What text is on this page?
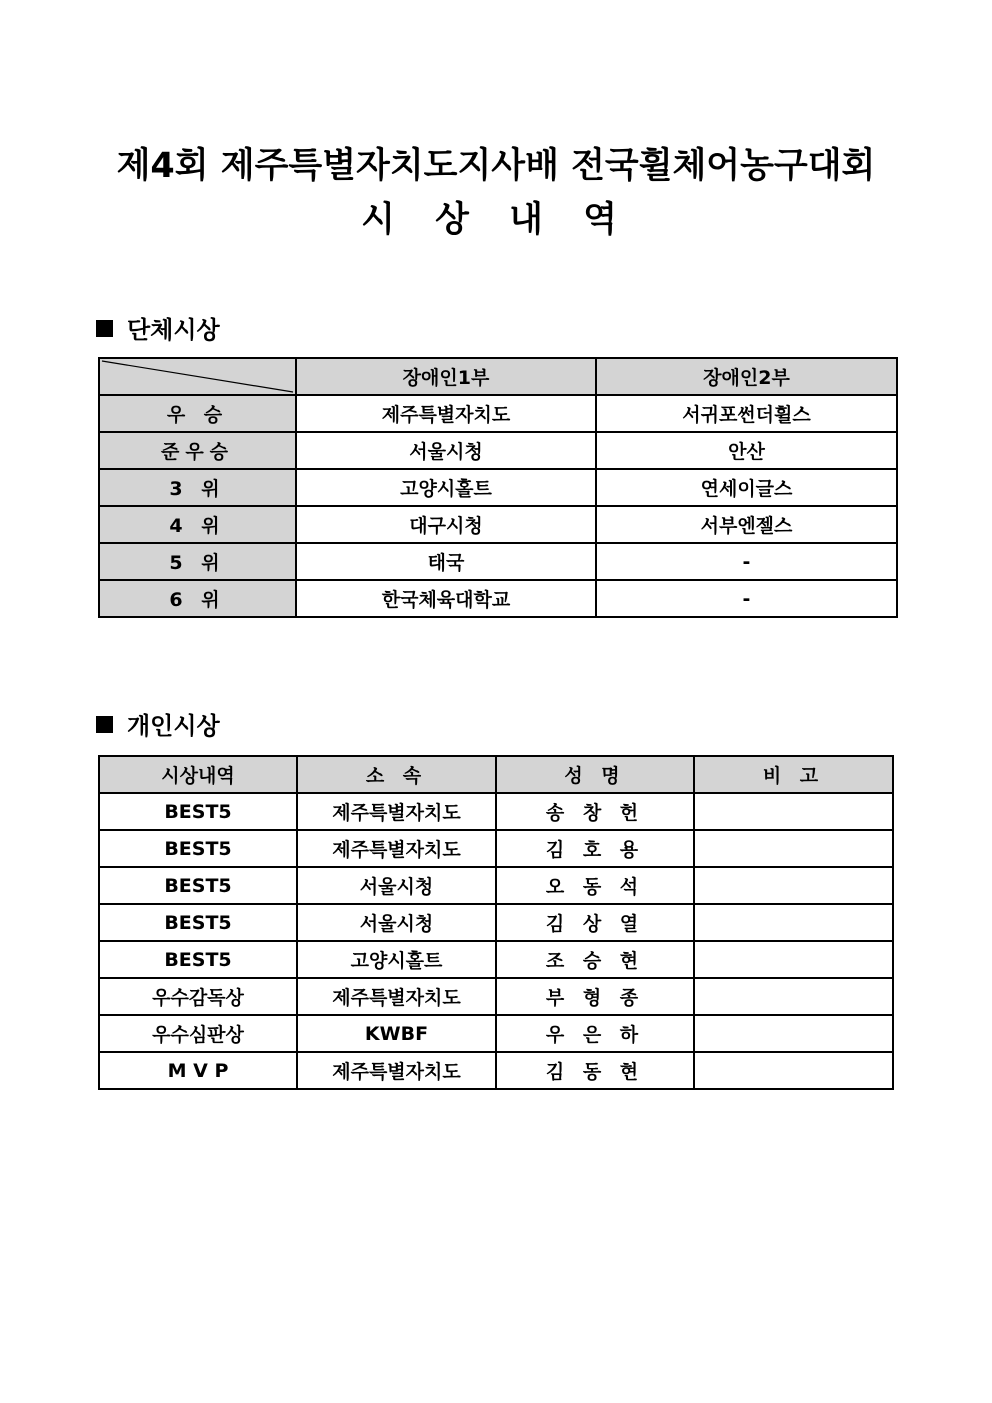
제4회 제주특별자치도지사배 전국휠체어농구대회
시 상 내 역
단체시상
	장애인1부	장애인2부
우 승	제주특별자치도	서귀포썬더휠스
준우승	서울시청	안산
3 위	고양시홀트	연세이글스
4 위	대구시청	서부엔젤스
5 위	태국	-
6 위	한국체육대학교	-
개인시상
시상내역	소 속	성 명	비 고
BEST5	제주특별자치도	송 창 헌	
BEST5	제주특별자치도	김 호 용	
BEST5	서울시청	오 동 석	
BEST5	서울시청	김 상 열	
BEST5	고양시홀트	조 승 현	
우수감독상	제주특별자치도	부 형 종	
우수심판상	KWBF	우 은 하	
M V P	제주특별자치도	김 동 현	
